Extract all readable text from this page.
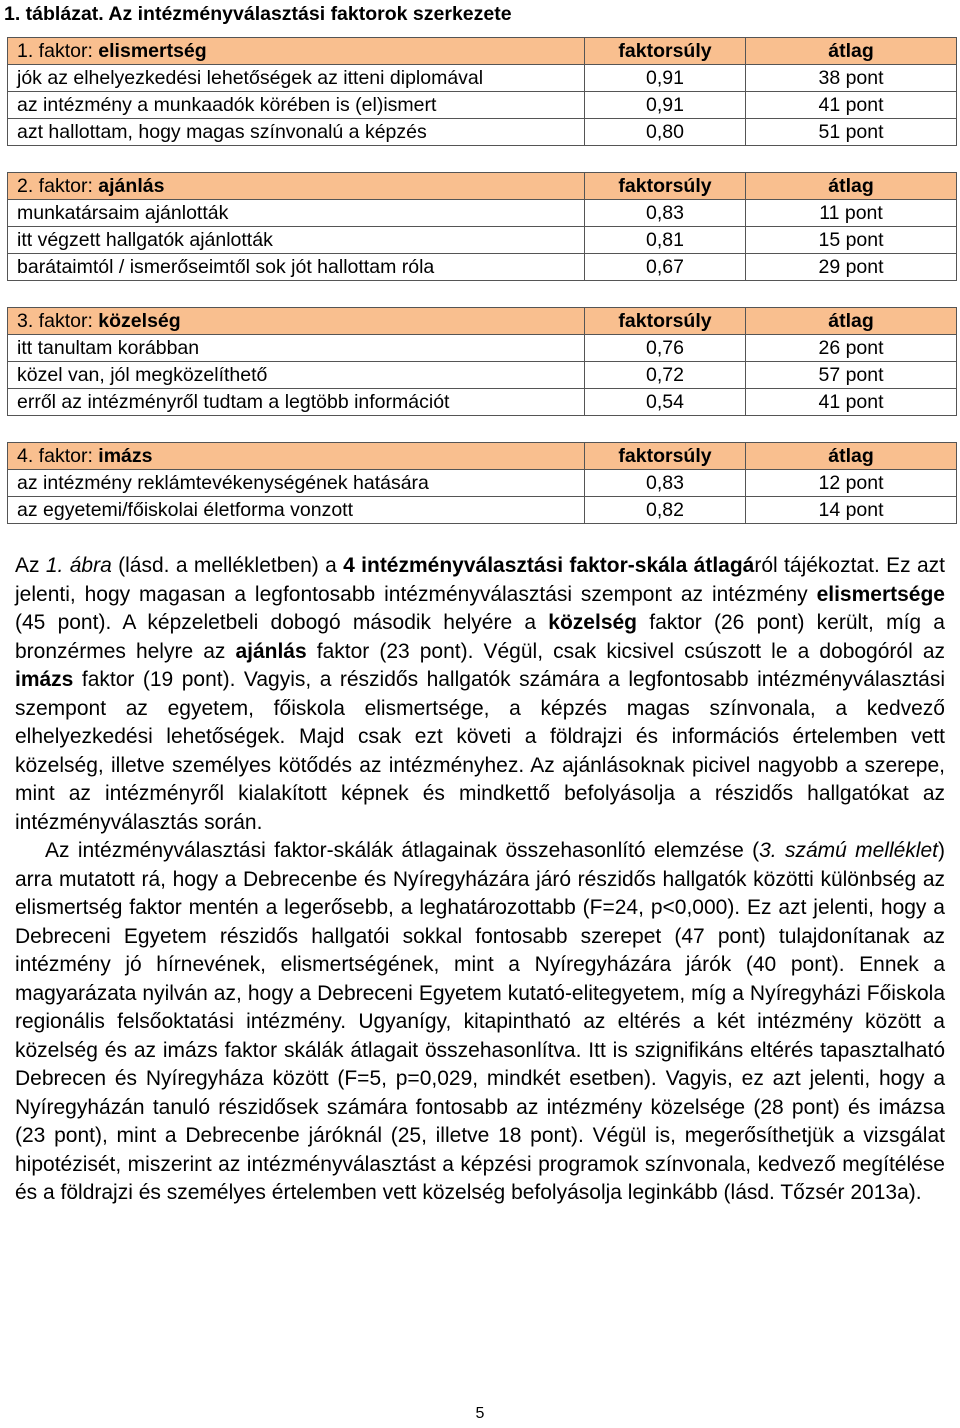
1. táblázat. Az intézményválasztási faktorok szerkezete

1. faktor: elismertség	faktorsúly	átlag
jók az elhelyezkedési lehetőségek az itteni diplomával	0,91	38 pont
az intézmény a munkaadók körében is (el)ismert	0,91	41 pont
azt hallottam, hogy magas színvonalú a képzés	0,80	51 pont
2. faktor: ajánlás	faktorsúly	átlag
munkatársaim ajánlották	0,83	11 pont
itt végzett hallgatók ajánlották	0,81	15 pont
barátaimtól / ismerőseimtől sok jót hallottam róla	0,67	29 pont
3. faktor: közelség	faktorsúly	átlag
itt tanultam korábban	0,76	26 pont
közel van, jól megközelíthető	0,72	57 pont
erről az intézményről tudtam a legtöbb információt	0,54	41 pont
4. faktor: imázs	faktorsúly	átlag
az intézmény reklámtevékenységének hatására	0,83	12 pont
az egyetemi/főiskolai életforma vonzott	0,82	14 pont

Az 1. ábra (lásd. a mellékletben) a 4 intézményválasztási faktor-skála átlagáról tájékoztat. Ez azt jelenti, hogy magasan a legfontosabb intézményválasztási szempont az intézmény elismertsége (45 pont). A képzeletbeli dobogó második helyére a közelség faktor (26 pont) került, míg a bronzérmes helyre az ajánlás faktor (23 pont). Végül, csak kicsivel csúszott le a dobogóról az imázs faktor (19 pont). Vagyis, a részidős hallgatók számára a legfontosabb intézményválasztási szempont az egyetem, főiskola elismertsége, a képzés magas színvonala, a kedvező elhelyezkedési lehetőségek. Majd csak ezt követi a földrajzi és információs értelemben vett közelség, illetve személyes kötődés az intézményhez. Az ajánlásoknak picivel nagyobb a szerepe, mint az intézményről kialakított képnek és mindkettő befolyásolja a részidős hallgatókat az intézményválasztás során.

Az intézményválasztási faktor-skálák átlagainak összehasonlító elemzése (3. számú melléklet) arra mutatott rá, hogy a Debrecenbe és Nyíregyházára járó részidős hallgatók közötti különbség az elismertség faktor mentén a legerősebb, a leghatározottabb (F=24, p<0,000). Ez azt jelenti, hogy a Debreceni Egyetem részidős hallgatói sokkal fontosabb szerepet (47 pont) tulajdonítanak az intézmény jó hírnevének, elismertségének, mint a Nyíregyházára járók (40 pont). Ennek a magyarázata nyilván az, hogy a Debreceni Egyetem kutató-elitegyetem, míg a Nyíregyházi Főiskola regionális felsőoktatási intézmény. Ugyanígy, kitapintható az eltérés a két intézmény között a közelség és az imázs faktor skálák átlagait összehasonlítva. Itt is szignifikáns eltérés tapasztalható Debrecen és Nyíregyháza között (F=5, p=0,029, mindkét esetben). Vagyis, ez azt jelenti, hogy a Nyíregyházán tanuló részidősek számára fontosabb az intézmény közelsége (28 pont) és imázsa (23 pont), mint a Debrecenbe járóknál (25, illetve 18 pont). Végül is, megerősíthetjük a vizsgálat hipotézisét, miszerint az intézményválasztást a képzési programok színvonala, kedvező megítélése és a földrajzi és személyes értelemben vett közelség befolyásolja leginkább (lásd. Tőzsér 2013a).

5
